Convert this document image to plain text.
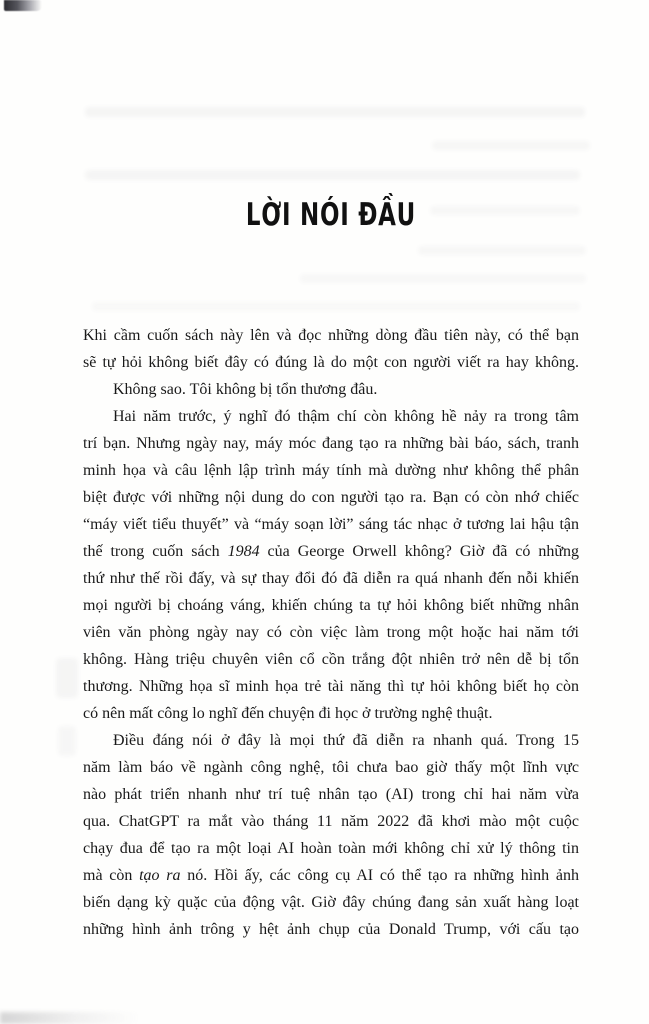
LỜI NÓI ĐẦU
Khi cầm cuốn sách này lên và đọc những dòng đầu tiên này, có thể bạn
sẽ tự hỏi không biết đây có đúng là do một con người viết ra hay không.
Không sao. Tôi không bị tổn thương đâu.
Hai năm trước, ý nghĩ đó thậm chí còn không hề nảy ra trong tâm
trí bạn. Nhưng ngày nay, máy móc đang tạo ra những bài báo, sách, tranh
minh họa và câu lệnh lập trình máy tính mà dường như không thể phân
biệt được với những nội dung do con người tạo ra. Bạn có còn nhớ chiếc
“máy viết tiểu thuyết” và “máy soạn lời” sáng tác nhạc ở tương lai hậu tận
thế trong cuốn sách 1984 của George Orwell không? Giờ đã có những
thứ như thế rồi đấy, và sự thay đổi đó đã diễn ra quá nhanh đến nỗi khiến
mọi người bị choáng váng, khiến chúng ta tự hỏi không biết những nhân
viên văn phòng ngày nay có còn việc làm trong một hoặc hai năm tới
không. Hàng triệu chuyên viên cổ cồn trắng đột nhiên trở nên dễ bị tổn
thương. Những họa sĩ minh họa trẻ tài năng thì tự hỏi không biết họ còn
có nên mất công lo nghĩ đến chuyện đi học ở trường nghệ thuật.
Điều đáng nói ở đây là mọi thứ đã diễn ra nhanh quá. Trong 15
năm làm báo về ngành công nghệ, tôi chưa bao giờ thấy một lĩnh vực
nào phát triển nhanh như trí tuệ nhân tạo (AI) trong chỉ hai năm vừa
qua. ChatGPT ra mắt vào tháng 11 năm 2022 đã khơi mào một cuộc
chạy đua để tạo ra một loại AI hoàn toàn mới không chỉ xử lý thông tin
mà còn tạo ra nó. Hồi ấy, các công cụ AI có thể tạo ra những hình ảnh
biến dạng kỳ quặc của động vật. Giờ đây chúng đang sản xuất hàng loạt
những hình ảnh trông y hệt ảnh chụp của Donald Trump, với cấu tạo
